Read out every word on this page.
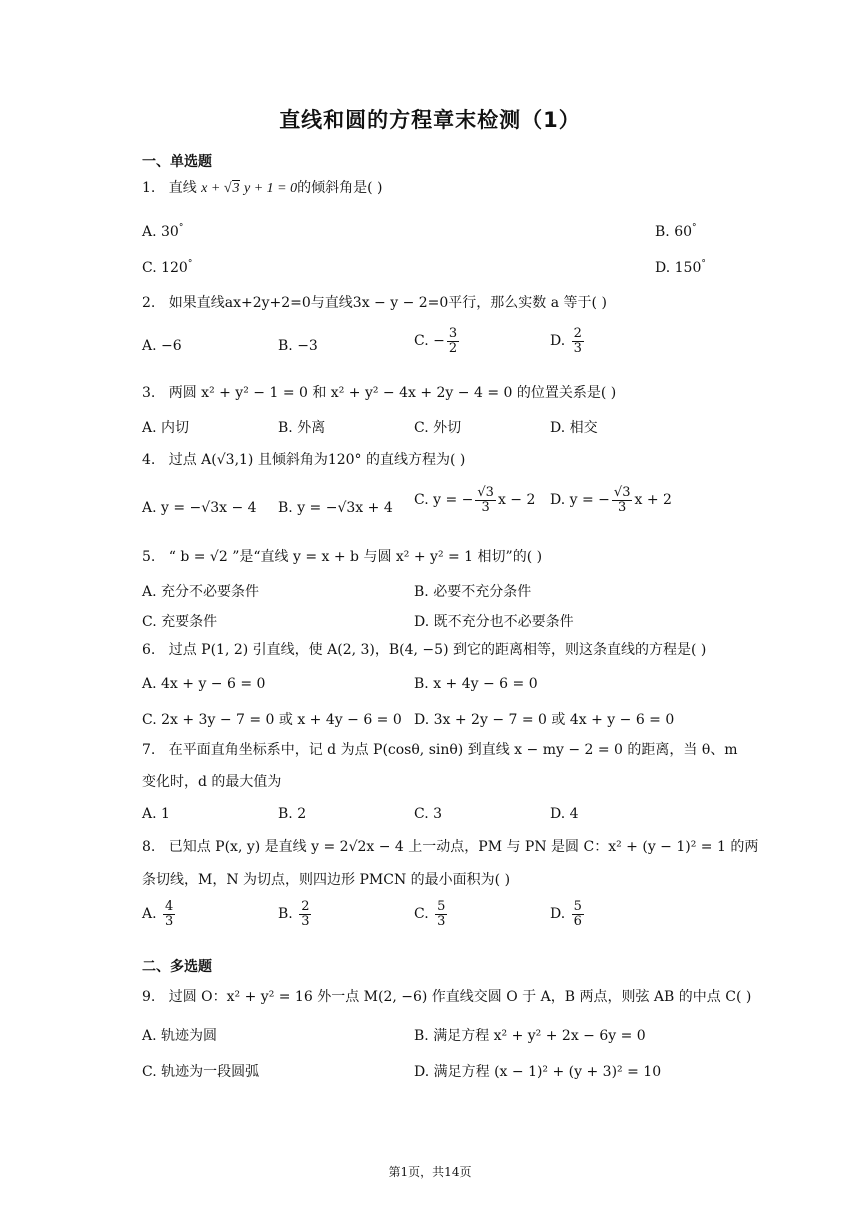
直线和圆的方程章末检测（1）
一、单选题
1. 直线 x + √3 y + 1 = 0的倾斜角是( )
A. 30°	B. 60°
C. 120°	D. 150°
2. 如果直线ax+2y+2=0与直线3x − y − 2=0平行，那么实数 a 等于( )
A. −6	B. −3	C. − $\frac{3}{2}$	D. $\frac{2}{3}$
3. 两圆 x² + y² − 1 = 0 和 x² + y² − 4x + 2y − 4 = 0 的位置关系是( )
A. 内切	B. 外离	C. 外切	D. 相交
4. 过点 A(√3,1) 且倾斜角为120° 的直线方程为( )
A. y = −√3x − 4 B. y = −√3x + 4 C. y = − $\frac{√3}{3}$ x − 2 D. y = − $\frac{√3}{3}$ x + 2
5. “ b = √2 ”是“直线 y = x + b 与圆 x² + y² = 1 相切”的( )
A. 充分不必要条件	B. 必要不充分条件
C. 充要条件	D. 既不充分也不必要条件
6. 过点 P(1, 2) 引直线，使 A(2, 3)，B(4, −5) 到它的距离相等，则这条直线的方程是( )
A. 4x + y − 6 = 0	B. x + 4y − 6 = 0
C. 2x + 3y − 7 = 0 或 x + 4y − 6 = 0 D. 3x + 2y − 7 = 0 或 4x + y − 6 = 0
7. 在平面直角坐标系中，记 d 为点 P(cosθ, sinθ) 到直线 x − my − 2 = 0 的距离，当 θ、m
变化时，d 的最大值为
A. 1	B. 2	C. 3	D. 4
8. 已知点 P(x, y) 是直线 y = 2√2x − 4 上一动点，PM 与 PN 是圆 C：x² + (y − 1)² = 1 的两
条切线，M，N 为切点，则四边形 PMCN 的最小面积为( )
A. $\frac{4}{3}$	B. $\frac{2}{3}$	C. $\frac{5}{3}$	D. $\frac{5}{6}$
二、多选题
9. 过圆 O：x² + y² = 16 外一点 M(2, −6) 作直线交圆 O 于 A，B 两点，则弦 AB 的中点 C( )
A. 轨迹为圆	B. 满足方程 x² + y² + 2x − 6y = 0
C. 轨迹为一段圆弧	D. 满足方程 (x − 1)² + (y + 3)² = 10
第1页，共14页
